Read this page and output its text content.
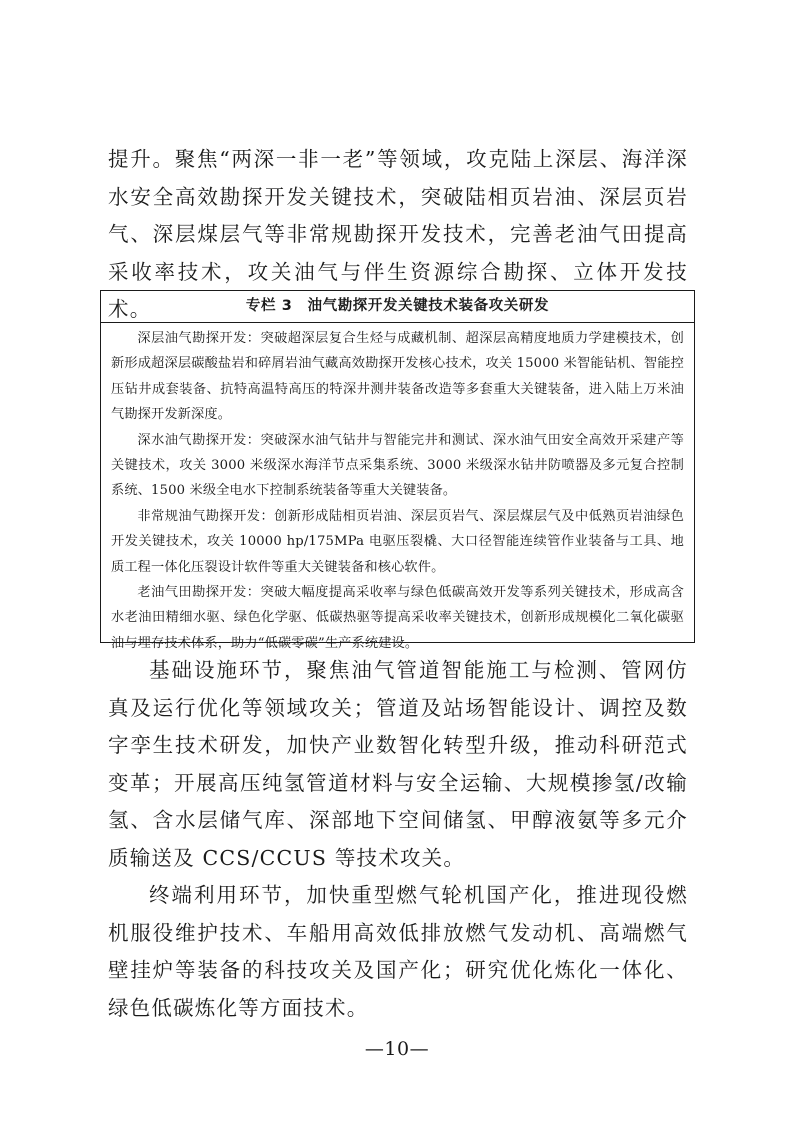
提升。聚焦“两深一非一老”等领域，攻克陆上深层、海洋深水安全高效勘探开发关键技术，突破陆相页岩油、深层页岩气、深层煤层气等非常规勘探开发技术，完善老油气田提高采收率技术，攻关油气与伴生资源综合勘探、立体开发技术。	专栏 3　油气勘探开发关键技术装备攻关研发

深层油气勘探开发：突破超深层复合生烃与成藏机制、超深层高精度地质力学建模技术，创新形成超深层碳酸盐岩和碎屑岩油气藏高效勘探开发核心技术，攻关 15000 米智能钻机、智能控压钻井成套装备、抗特高温特高压的特深井测井装备改造等多套重大关键装备，进入陆上万米油气勘探开发新深度。

深水油气勘探开发：突破深水油气钻井与智能完井和测试、深水油气田安全高效开采建产等关键技术，攻关 3000 米级深水海洋节点采集系统、3000 米级深水钻井防喷器及多元复合控制系统、1500 米级全电水下控制系统装备等重大关键装备。

非常规油气勘探开发：创新形成陆相页岩油、深层页岩气、深层煤层气及中低熟页岩油绿色开发关键技术，攻关 10000 hp/175MPa 电驱压裂橇、大口径智能连续管作业装备与工具、地质工程一体化压裂设计软件等重大关键装备和核心软件。

老油气田勘探开发：突破大幅度提高采收率与绿色低碳高效开发等系列关键技术，形成高含水老油田精细水驱、绿色化学驱、低碳热驱等提高采收率关键技术，创新形成规模化二氧化碳驱油与埋存技术体系，助力“低碳零碳”生产系统建设。

基础设施环节，聚焦油气管道智能施工与检测、管网仿真及运行优化等领域攻关；管道及站场智能设计、调控及数字孪生技术研发，加快产业数智化转型升级，推动科研范式变革；开展高压纯氢管道材料与安全运输、大规模掺氢/改输氢、含水层储气库、深部地下空间储氢、甲醇液氨等多元介质输送及 CCS/CCUS 等技术攻关。

终端利用环节，加快重型燃气轮机国产化，推进现役燃机服役维护技术、车船用高效低排放燃气发动机、高端燃气壁挂炉等装备的科技攻关及国产化；研究优化炼化一体化、绿色低碳炼化等方面技术。

—10—
